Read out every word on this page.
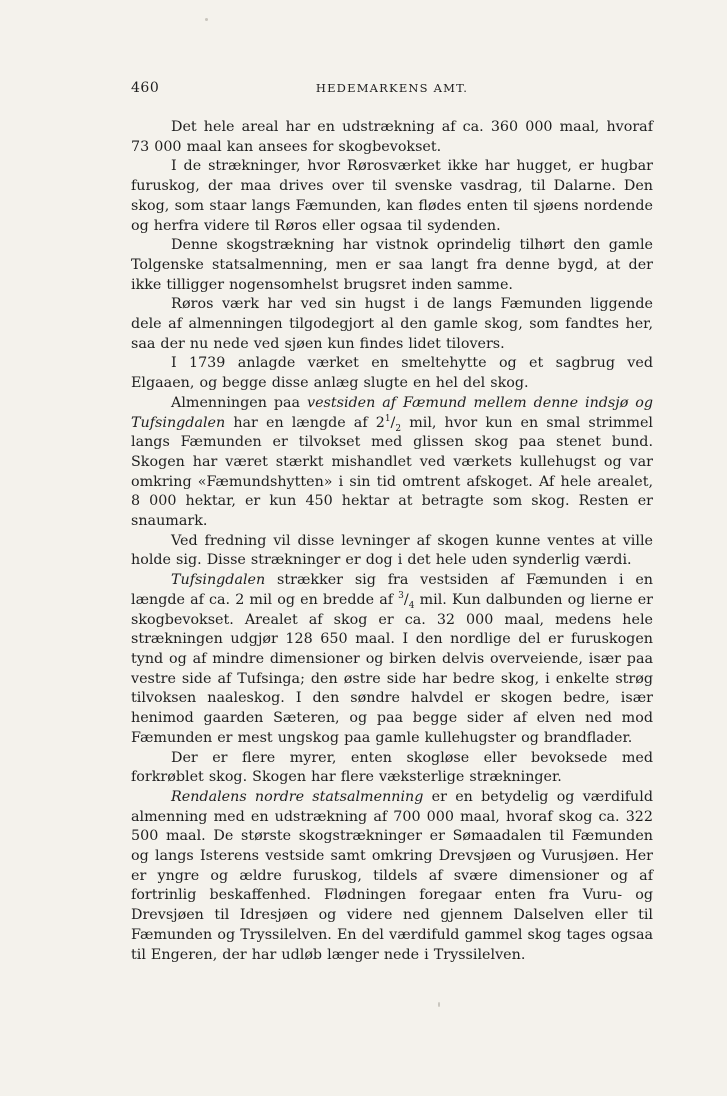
460	HEDEMARKENS AMT.

Det hele areal har en udstrækning af ca. 360 000 maal, hvoraf 73 000 maal kan ansees for skogbevokset.

I de strækninger, hvor Rørosværket ikke har hugget, er hugbar furuskog, der maa drives over til svenske vasdrag, til Dalarne. Den skog, som staar langs Fæmunden, kan flødes enten til sjøens nordende og herfra videre til Røros eller ogsaa til sydenden.

Denne skogstrækning har vistnok oprindelig tilhørt den gamle Tolgenske statsalmenning, men er saa langt fra denne bygd, at der ikke tilligger nogensomhelst brugsret inden samme.

Røros værk har ved sin hugst i de langs Fæmunden liggende dele af almenningen tilgodegjort al den gamle skog, som fandtes her, saa der nu nede ved sjøen kun findes lidet tilovers.

I 1739 anlagde værket en smeltehytte og et sagbrug ved Elgaaen, og begge disse anlæg slugte en hel del skog.

Almenningen paa vestsiden af Fæmund mellem denne indsjø og Tufsingdalen har en længde af $2^1/_2$ mil, hvor kun en smal strimmel langs Fæmunden er tilvokset med glissen skog paa stenet bund. Skogen har været stærkt mishandlet ved værkets kullehugst og var omkring «Fæmundshytten» i sin tid omtrent afskoget. Af hele arealet, 8 000 hektar, er kun 450 hektar at betragte som skog. Resten er snaumark.

Ved fredning vil disse levninger af skogen kunne ventes at ville holde sig. Disse strækninger er dog i det hele uden synderlig værdi.

Tufsingdalen strækker sig fra vestsiden af Fæmunden i en længde af ca. 2 mil og en bredde af $^3/_4$ mil. Kun dalbunden og lierne er skogbevokset. Arealet af skog er ca. 32 000 maal, medens hele strækningen udgjør 128 650 maal. I den nordlige del er furuskogen tynd og af mindre dimensioner og birken delvis overveiende, især paa vestre side af Tufsinga; den østre side har bedre skog, i enkelte strøg tilvoksen naaleskog. I den søndre halvdel er skogen bedre, især henimod gaarden Sæteren, og paa begge sider af elven ned mod Fæmunden er mest ungskog paa gamle kullehugster og brandflader.

Der er flere myrer, enten skogløse eller bevoksede med forkrøblet skog. Skogen har flere væksterlige strækninger.

Rendalens nordre statsalmenning er en betydelig og værdifuld almenning med en udstrækning af 700 000 maal, hvoraf skog ca. 322 500 maal. De største skogstrækninger er Sømaadalen til Fæmunden og langs Isterens vestside samt omkring Drevsjøen og Vurusjøen. Her er yngre og ældre furuskog, tildels af svære dimensioner og af fortrinlig beskaffenhed. Flødningen foregaar enten fra Vuru- og Drevsjøen til Idresjøen og videre ned gjennem Dalselven eller til Fæmunden og Tryssilelven. En del værdifuld gammel skog tages ogsaa til Engeren, der har udløb længer nede i Tryssilelven.
